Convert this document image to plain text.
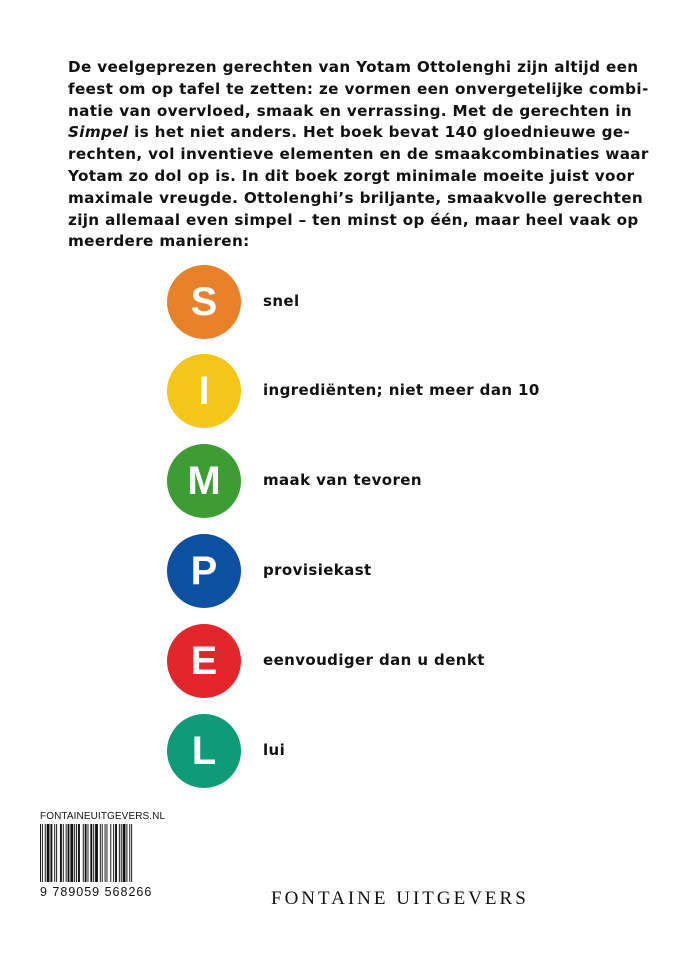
De veelgeprezen gerechten van Yotam Ottolenghi zijn altijd een
feest om op tafel te zetten: ze vormen een onvergetelijke combi-
natie van overvloed, smaak en verrassing. Met de gerechten in
Simpel is het niet anders. Het boek bevat 140 gloednieuwe ge-
rechten, vol inventieve elementen en de smaakcombinaties waar
Yotam zo dol op is. In dit boek zorgt minimale moeite juist voor
maximale vreugde. Ottolenghi’s briljante, smaakvolle gerechten
zijn allemaal even simpel – ten minst op één, maar heel vaak op
meerdere manieren:

S	snel
I	ingrediënten; niet meer dan 10
M	maak van tevoren
P	provisiekast
E	eenvoudiger dan u denkt
L	lui
FONTAINEUITGEVERS.NL
9 789059 568266	FONTAINE UITGEVERS
